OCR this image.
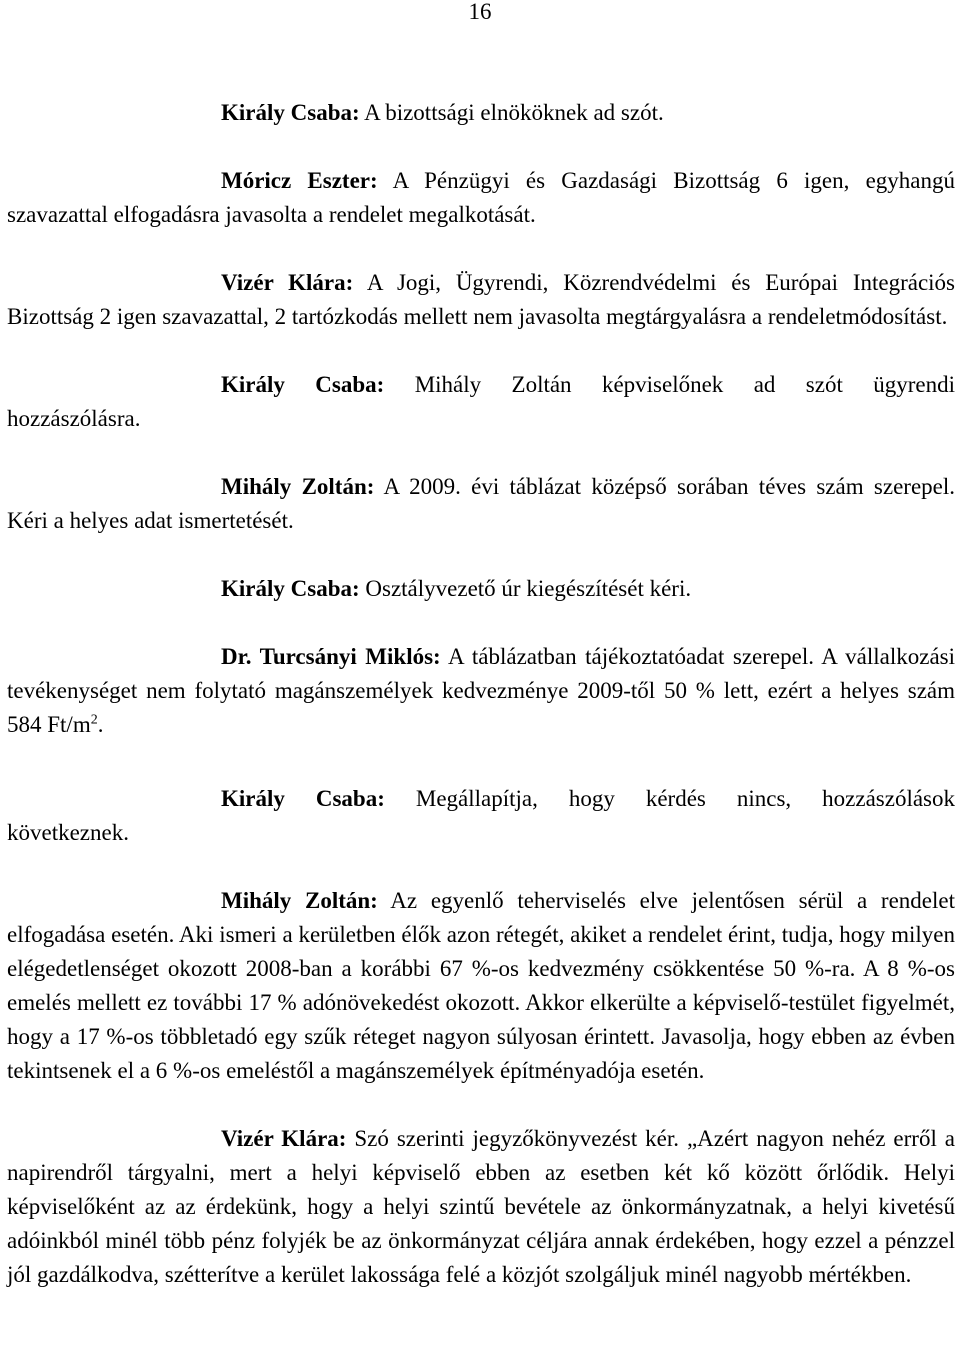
16

Király Csaba: A bizottsági elnököknek ad szót.

Móricz Eszter: A Pénzügyi és Gazdasági Bizottság 6 igen, egyhangú szavazattal elfogadásra javasolta a rendelet megalkotását.

Vizér Klára: A Jogi, Ügyrendi, Közrendvédelmi és Európai Integrációs Bizottság 2 igen szavazattal, 2 tartózkodás mellett nem javasolta megtárgyalásra a rendeletmódosítást.

Király Csaba: Mihály Zoltán képviselőnek ad szót ügyrendi

hozzászólásra.

Mihály Zoltán: A 2009. évi táblázat középső sorában téves szám szerepel. Kéri a helyes adat ismertetését.

Király Csaba: Osztályvezető úr kiegészítését kéri.

Dr. Turcsányi Miklós: A táblázatban tájékoztatóadat szerepel. A vállalkozási tevékenységet nem folytató magánszemélyek kedvezménye 2009-től 50 % lett, ezért a helyes szám 584 $Ft/m^2$.

Király Csaba: Megállapítja, hogy kérdés nincs, hozzászólások

következnek.

Mihály Zoltán: Az egyenlő teherviselés elve jelentősen sérül a rendelet elfogadása esetén. Aki ismeri a kerületben élők azon rétegét, akiket a rendelet érint, tudja, hogy milyen elégedetlenséget okozott 2008-ban a korábbi 67 %-os kedvezmény csökkentése 50 %-ra. A 8 %-os emelés mellett ez további 17 % adónövekedést okozott. Akkor elkerülte a képviselő-testület figyelmét, hogy a 17 %-os többletadó egy szűk réteget nagyon súlyosan érintett. Javasolja, hogy ebben az évben tekintsenek el a 6 %-os emeléstől a magánszemélyek építményadója esetén.

Vizér Klára: Szó szerinti jegyzőkönyvezést kér. „Azért nagyon nehéz erről a napirendről tárgyalni, mert a helyi képviselő ebben az esetben két kő között őrlődik. Helyi képviselőként az az érdekünk, hogy a helyi szintű bevétele az önkormányzatnak, a helyi kivetésű adóinkból minél több pénz folyjék be az önkormányzat céljára annak érdekében, hogy ezzel a pénzzel jól gazdálkodva, szétterítve a kerület lakossága felé a közjót szolgáljuk minél nagyobb mértékben.
